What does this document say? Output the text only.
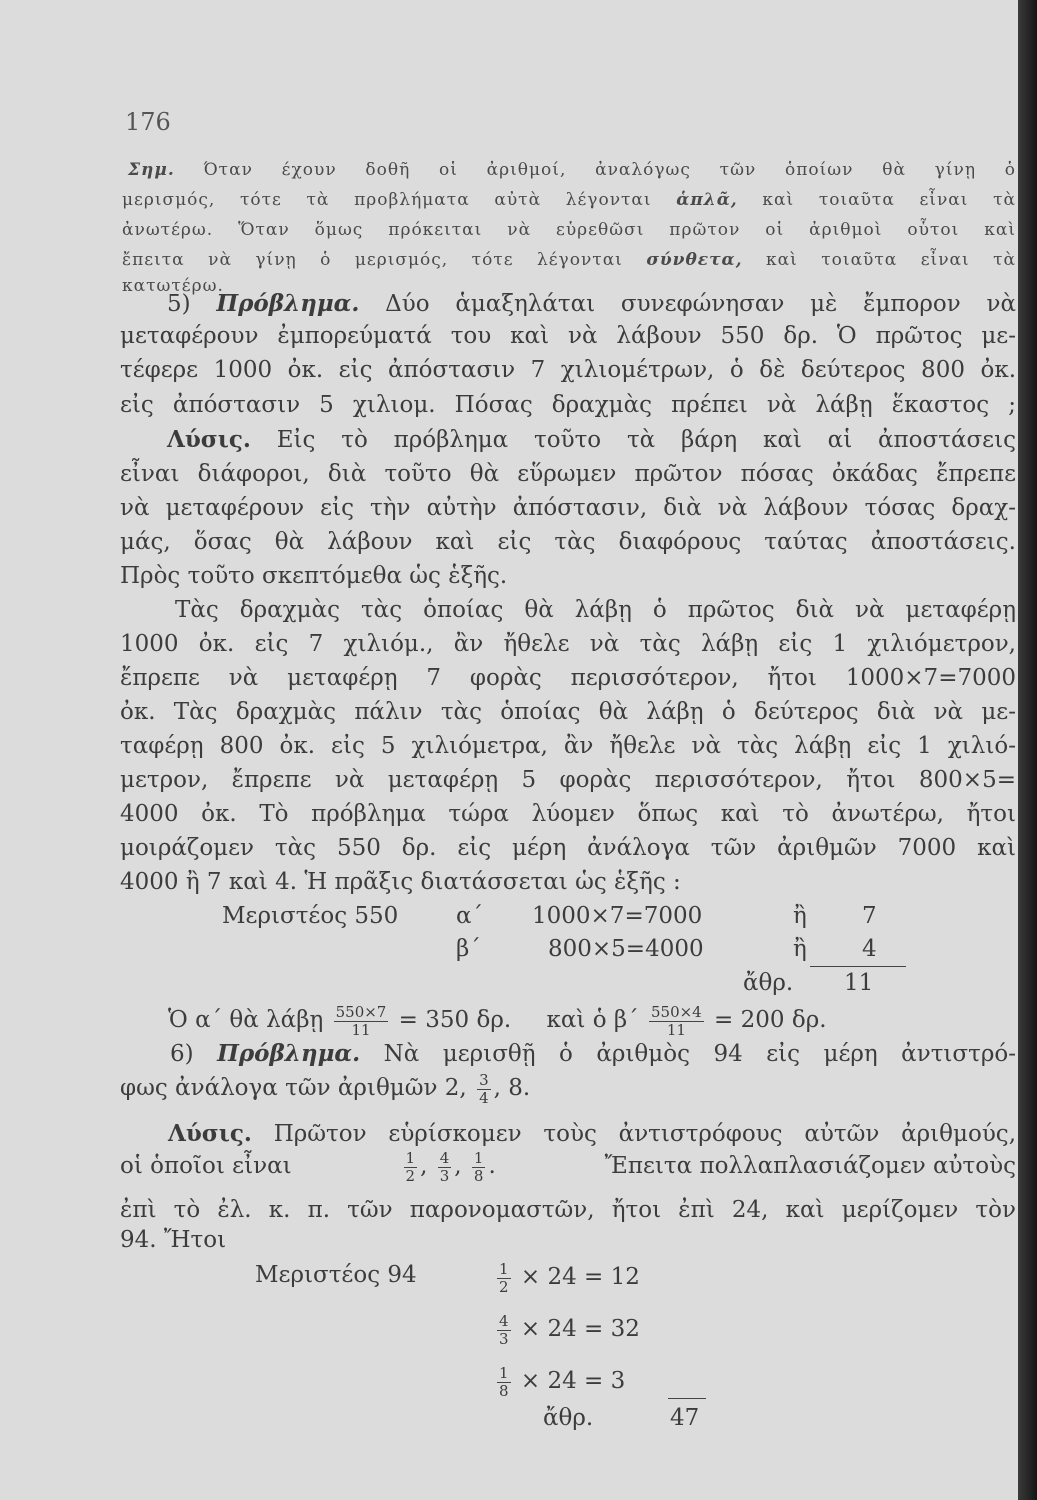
176
Σημ. Όταν έχουν δοθῆ οἱ ἀριθμοί, ἀναλόγως τῶν ὁποίων θὰ γίνῃ ὁ
μερισμός, τότε τὰ προβλήματα αὐτὰ λέγονται ἁπλᾶ, καὶ τοιαῦτα εἶναι τὰ
ἀνωτέρω. Ὅταν ὅμως πρόκειται νὰ εὑρεθῶσι πρῶτον οἱ ἀριθμοὶ οὗτοι καὶ
ἔπειτα νὰ γίνῃ ὁ μερισμός, τότε λέγονται σύνθετα, καὶ τοιαῦτα εἶναι τὰ
κατωτέρω.
5) Πρόβλημα. Δύο ἁμαξηλάται συνεφώνησαν μὲ ἔμπορον νὰ
μεταφέρουν ἐμπορεύματά του καὶ νὰ λάβουν 550 δρ. Ὁ πρῶτος με-
τέφερε 1000 ὀκ. εἰς ἀπόστασιν 7 χιλιομέτρων, ὁ δὲ δεύτερος 800 ὀκ.
εἰς ἀπόστασιν 5 χιλιομ. Πόσας δραχμὰς πρέπει νὰ λάβῃ ἕκαστος ;
Λύσις. Εἰς τὸ πρόβλημα τοῦτο τὰ βάρη καὶ αἱ ἀποστάσεις
εἶναι διάφοροι, διὰ τοῦτο θὰ εὕρωμεν πρῶτον πόσας ὀκάδας ἔπρεπε
νὰ μεταφέρουν εἰς τὴν αὐτὴν ἀπόστασιν, διὰ νὰ λάβουν τόσας δραχ-
μάς, ὅσας θὰ λάβουν καὶ εἰς τὰς διαφόρους ταύτας ἀποστάσεις.
Πρὸς τοῦτο σκεπτόμεθα ὡς ἑξῆς.
Τὰς δραχμὰς τὰς ὁποίας θὰ λάβῃ ὁ πρῶτος διὰ νὰ μεταφέρῃ
1000 ὀκ. εἰς 7 χιλιόμ., ἂν ἤθελε νὰ τὰς λάβῃ εἰς 1 χιλιόμετρον,
ἔπρεπε νὰ μεταφέρῃ 7 φορὰς περισσότερον, ἤτοι 1000×7=7000
ὀκ. Τὰς δραχμὰς πάλιν τὰς ὁποίας θὰ λάβῃ ὁ δεύτερος διὰ νὰ με-
ταφέρῃ 800 ὀκ. εἰς 5 χιλιόμετρα, ἂν ἤθελε νὰ τὰς λάβῃ εἰς 1 χιλιό-
μετρον, ἔπρεπε νὰ μεταφέρῃ 5 φορὰς περισσότερον, ἤτοι 800×5=
4000 ὀκ. Τὸ πρόβλημα τώρα λύομεν ὅπως καὶ τὸ ἀνωτέρω, ἤτοι
μοιράζομεν τὰς 550 δρ. εἰς μέρη ἀνάλογα τῶν ἀριθμῶν 7000 καὶ
4000 ἢ 7 καὶ 4. Ἡ πρᾶξις διατάσσεται ὡς ἑξῆς :
Μεριστέος 550	α΄ 1000×7=7000	ἢ 7
β΄	800×5=4000	ἢ 4
ἄθρ. 11
Ὁ α΄ θὰ λάβῃ $\frac{550\times 7}{11} = 350$ δρ. καὶ ὁ $\beta΄ \frac{550\times 4}{11} = 200$ δρ.
6) Πρόβλημα. Νὰ μερισθῇ ὁ ἀριθμὸς 94 εἰς μέρη ἀντιστρό-
φως ἀνάλογα τῶν ἀριθμῶν 2, $\frac{3}{4}$ , 8.
Λύσις. Πρῶτον εὑρίσκομεν τοὺς ἀντιστρόφους αὐτῶν ἀριθμούς,
οἱ ὁποῖοι εἶναι	$\frac{1}{2}$ , $\frac{4}{3}$ , $\frac{1}{8}$ .	Ἔπειτα πολλαπλασιάζομεν αὐτοὺς
ἐπὶ τὸ ἐλ. κ. π. τῶν παρονομαστῶν, ἤτοι ἐπὶ 24, καὶ μερίζομεν τὸν
94. Ἤτοι
Μεριστέος 94	$\frac{1}{2} \times 24 = 12$
$\frac{4}{3} \times 24 = 32$
$\frac{1}{8} \times 24 = 3$
ἄθρ.	47
